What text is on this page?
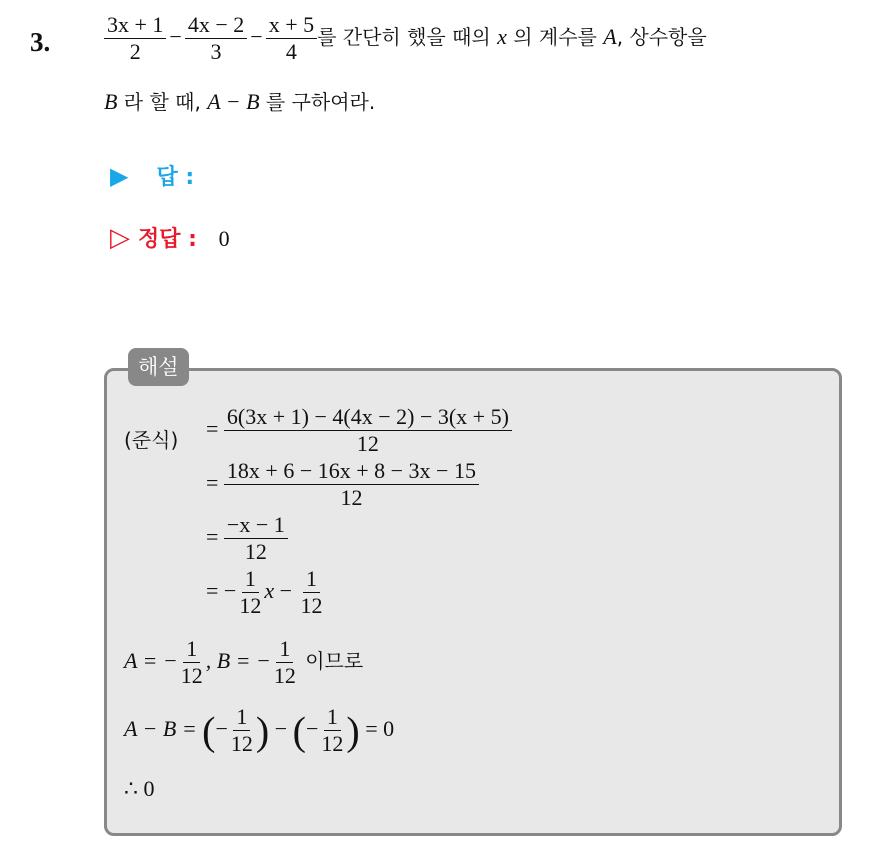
3. $\frac{3x + 1}{2} - \frac{4x - 2}{3} - \frac{x + 5}{4}$ 를 간단히 했을 때의 x 의 계수를 A, 상수항을
B 라 할 때, A − B 를 구하여라.
▶ 답 :
▷ 정답 : 0
해설
(준식) = $\frac{6(3x + 1) - 4(4x - 2) - 3(x + 5)}{12}$
= $\frac{18x + 6 - 16x + 8 - 3x - 15}{12}$
= $\frac{-x - 1}{12}$
= − $\frac{1}{12}$ $x - \frac{1}{12}$
A = − $\frac{1}{12}$ , B = − $\frac{1}{12}$ 이므로
A − B = (− $\frac{1}{12}$ ) − (− $\frac{1}{12}$ ) = 0
∴ 0
